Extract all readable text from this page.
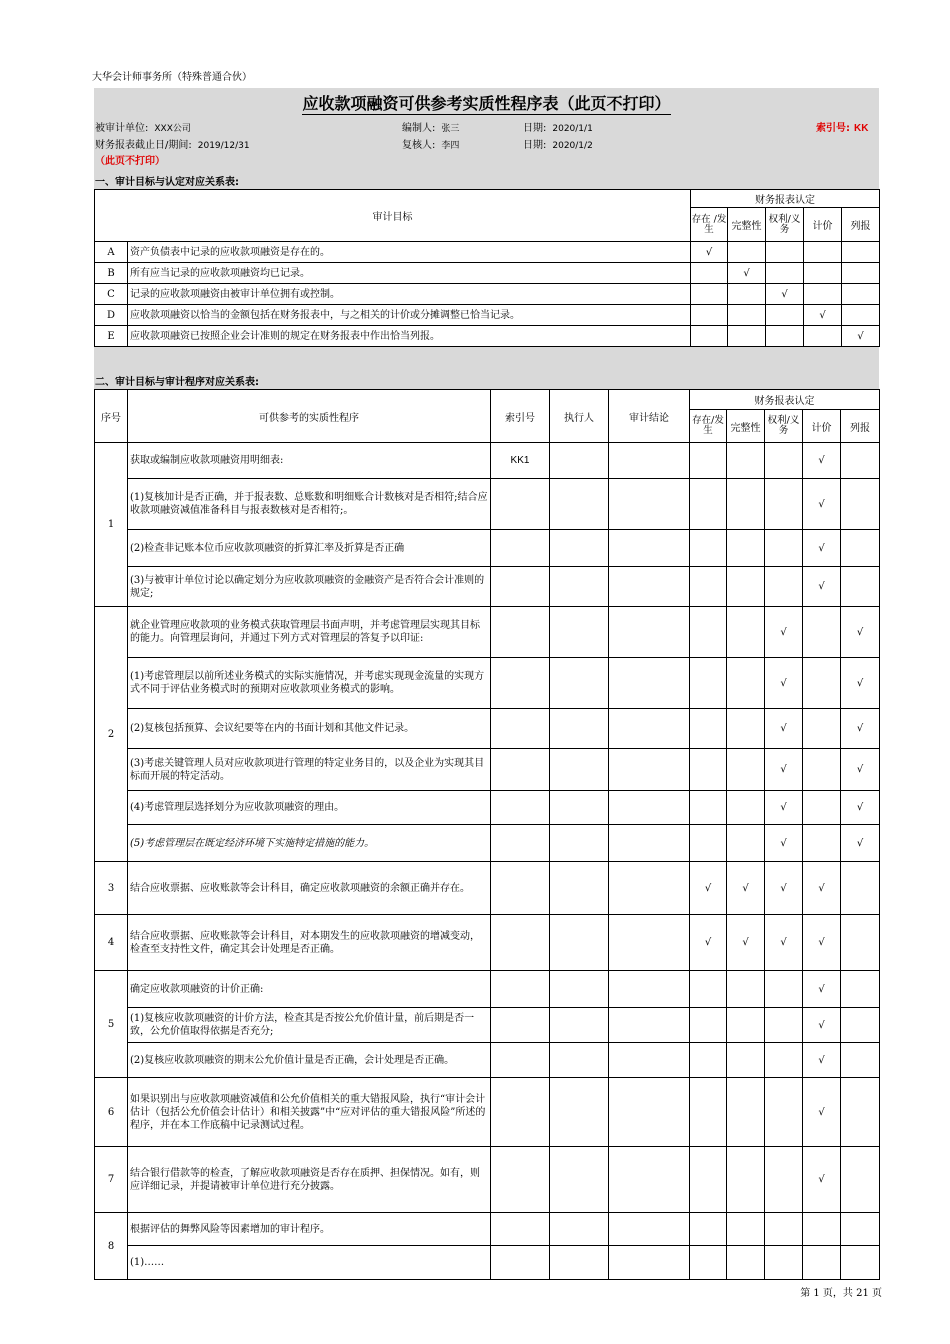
大华会计师事务所（特殊普通合伙）
应收款项融资可供参考实质性程序表（此页不打印）
被审计单位: XXX公司
财务报表截止日/期间: 2019/12/31
编制人: 张三
复核人: 李四
日期: 2020/1/1
日期: 2020/1/2
索引号: KK
（此页不打印）
一、审计目标与认定对应关系表:
审计目标		财务报表认定				
		存在 /发生	完整性	权利/义务	计价	列报
A	资产负债表中记录的应收款项融资是存在的。	√				
B	所有应当记录的应收款项融资均已记录。		√			
C	记录的应收款项融资由被审计单位拥有或控制。			√		
D	应收款项融资以恰当的金额包括在财务报表中，与之相关的计价或分摊调整已恰当记录。				√	
E	应收款项融资已按照企业会计准则的规定在财务报表中作出恰当列报。					√
二、审计目标与审计程序对应关系表:
序号	可供参考的实质性程序	索引号	执行人	审计结论	财务报表认定				
					存在/发生	完整性	权利/义务	计价	列报
1	获取或编制应收款项融资用明细表:	KK1						√	
	(1)复核加计是否正确，并于报表数、总账数和明细账合计数核对是否相符;结合应收款项融资减值准备科目与报表数核对是否相符;。							√	
	(2)检查非记账本位币应收款项融资的折算汇率及折算是否正确							√	
	(3)与被审计单位讨论以确定划分为应收款项融资的金融资产是否符合会计准则的规定;							√	
2	就企业管理应收款项的业务模式获取管理层书面声明，并考虑管理层实现其目标的能力。向管理层询问，并通过下列方式对管理层的答复予以印证:						√		√
	(1)考虑管理层以前所述业务模式的实际实施情况，并考虑实现现金流量的实现方式不同于评估业务模式时的预期对应收款项业务模式的影响。						√		√
	(2)复核包括预算、会议纪要等在内的书面计划和其他文件记录。						√		√
	(3)考虑关键管理人员对应收款项进行管理的特定业务目的，以及企业为实现其目标而开展的特定活动。						√		√
	(4)考虑管理层选择划分为应收款项融资的理由。						√		√
	(5)考虑管理层在既定经济环境下实施特定措施的能力。						√		√
3	结合应收票据、应收账款等会计科目，确定应收款项融资的余额正确并存在。				√	√	√	√	
4	结合应收票据、应收账款等会计科目，对本期发生的应收款项融资的增减变动，检查至支持性文件，确定其会计处理是否正确。				√	√	√	√	
5	确定应收款项融资的计价正确:							√	
	(1)复核应收款项融资的计价方法，检查其是否按公允价值计量，前后期是否一致，公允价值取得依据是否充分;							√	
	(2)复核应收款项融资的期末公允价值计量是否正确，会计处理是否正确。							√	
6	如果识别出与应收款项融资减值和公允价值相关的重大错报风险，执行“审计会计估计（包括公允价值会计估计）和相关披露”中“应对评估的重大错报风险”所述的程序，并在本工作底稿中记录测试过程。							√	
7	结合银行借款等的检查，了解应收款项融资是否存在质押、担保情况。如有，则应详细记录，并提请被审计单位进行充分披露。							√	
8	根据评估的舞弊风险等因素增加的审计程序。								
	(1)……								
第 1 页，共 21 页
